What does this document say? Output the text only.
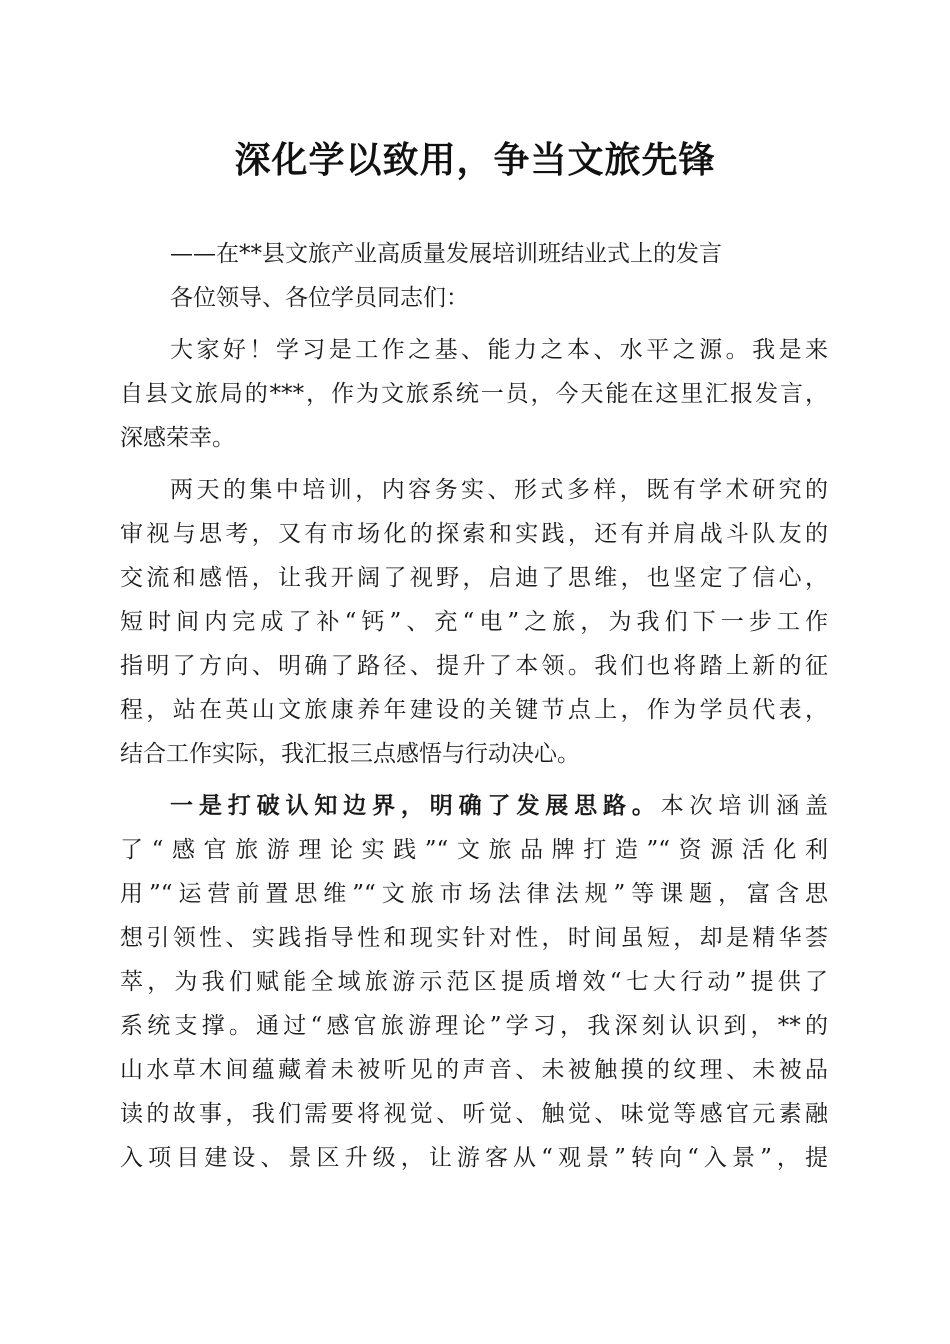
深化学以致用，争当文旅先锋
——在**县文旅产业高质量发展培训班结业式上的发言
各位领导、各位学员同志们：
大家好！学习是工作之基、能力之本、水平之源。我是来
自县文旅局的***，作为文旅系统一员，今天能在这里汇报发言，
深感荣幸。
两天的集中培训，内容务实、形式多样，既有学术研究的
审视与思考，又有市场化的探索和实践，还有并肩战斗队友的
交流和感悟，让我开阔了视野，启迪了思维，也坚定了信心，
短时间内完成了补“钙”、充“电”之旅，为我们下一步工作
指明了方向、明确了路径、提升了本领。我们也将踏上新的征
程，站在英山文旅康养年建设的关键节点上，作为学员代表，
结合工作实际，我汇报三点感悟与行动决心。
一是打破认知边界，明确了发展思路。本次培训涵盖
了“感官旅游理论实践”“文旅品牌打造”“资源活化利
用”“运营前置思维”“文旅市场法律法规”等课题，富含思
想引领性、实践指导性和现实针对性，时间虽短，却是精华荟
萃，为我们赋能全域旅游示范区提质增效“七大行动”提供了
系统支撑。通过“感官旅游理论”学习，我深刻认识到，**的
山水草木间蕴藏着未被听见的声音、未被触摸的纹理、未被品
读的故事，我们需要将视觉、听觉、触觉、味觉等感官元素融
入项目建设、景区升级，让游客从“观景”转向“入景”，提
